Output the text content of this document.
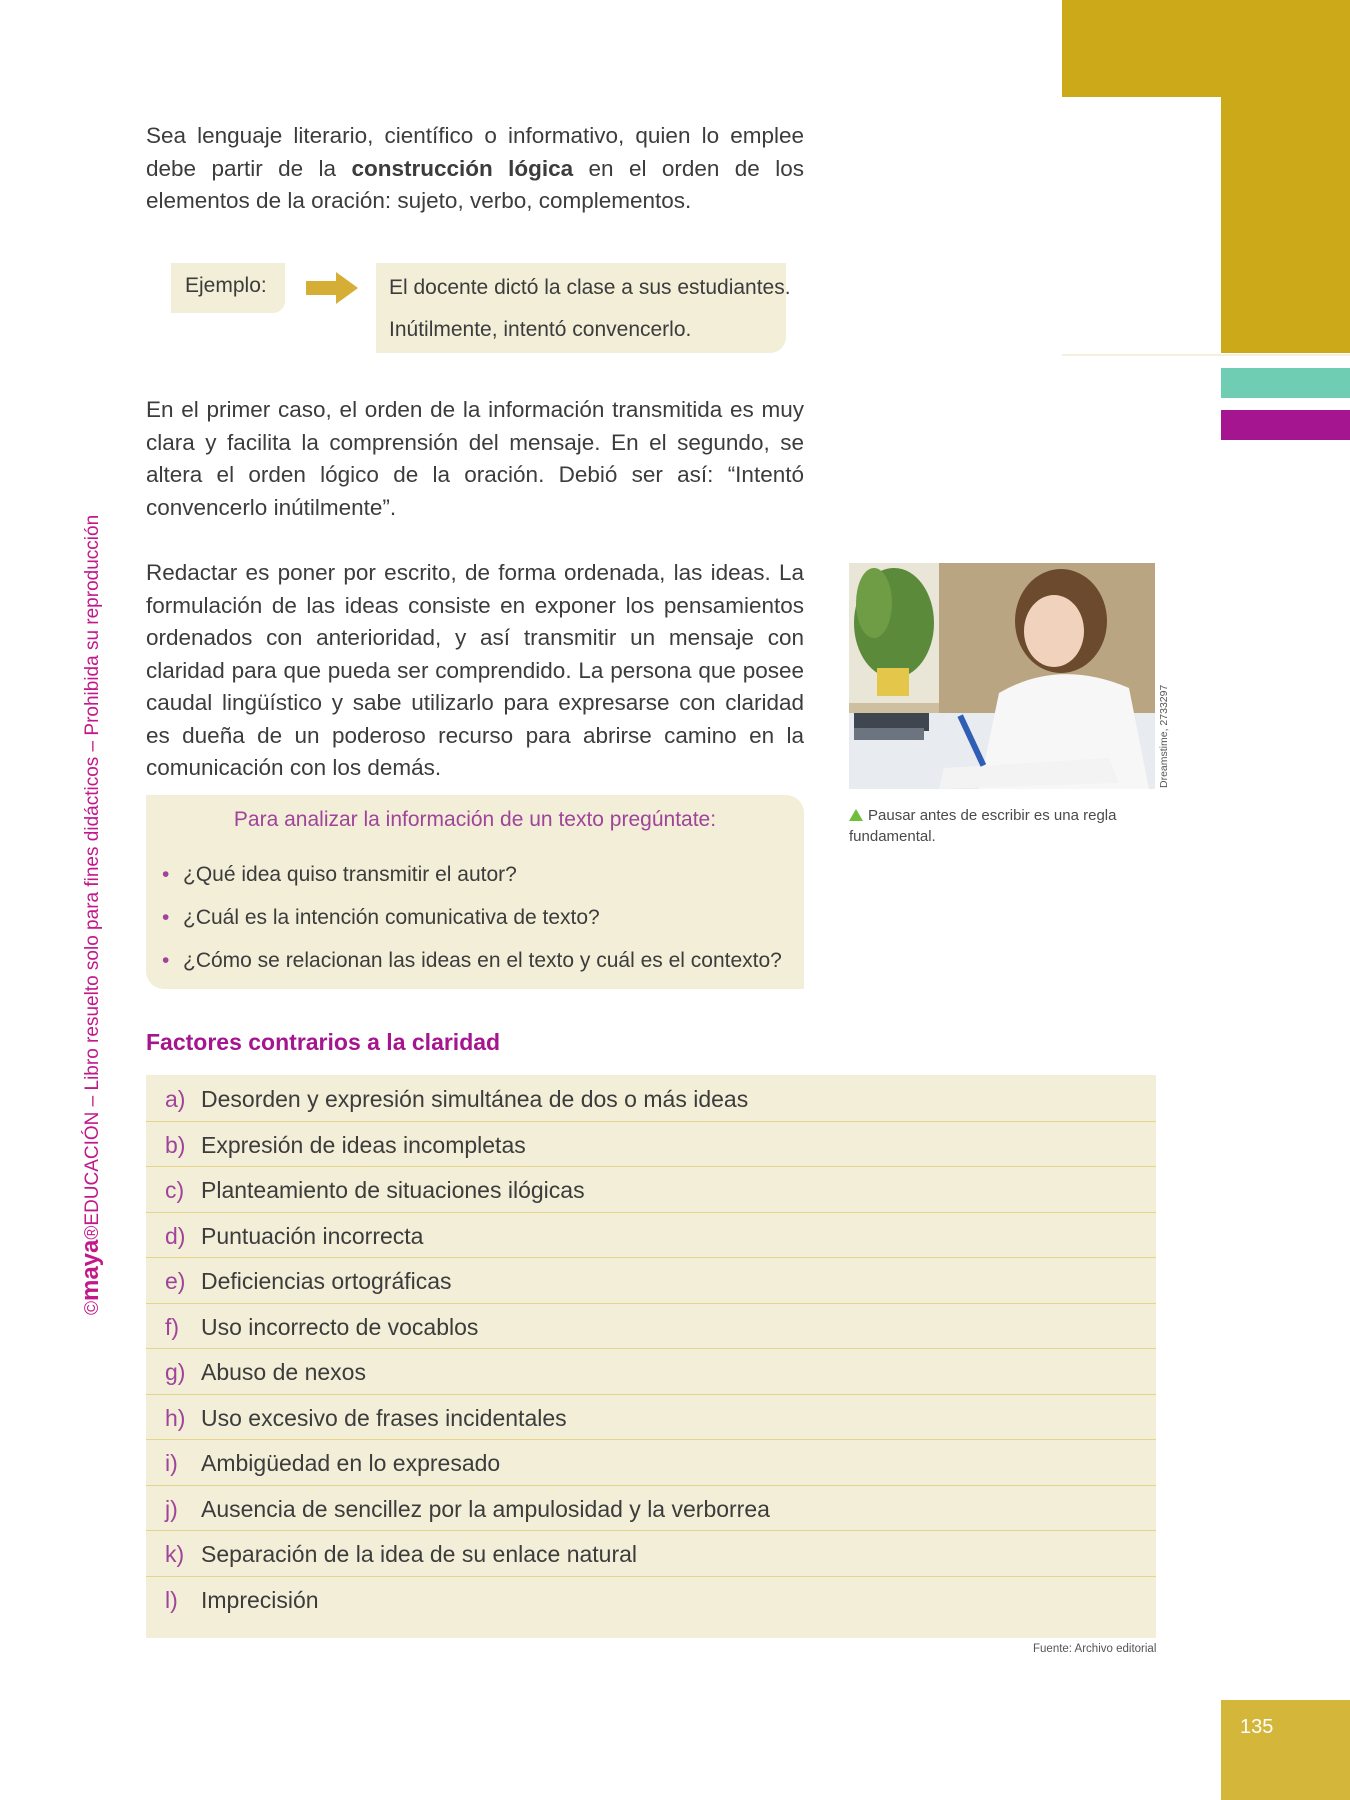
135
©maya®EDUCACIÓN – Libro resuelto solo para fines didácticos – Prohibida su reproducción

Sea lenguaje literario, científico o informativo, quien lo emplee debe partir de la construcción lógica en el orden de los elementos de la oración: sujeto, verbo, complementos.

Ejemplo:	El docente dictó la clase a sus estudiantes.
Inútilmente, intentó convencerlo.

En el primer caso, el orden de la información transmitida es muy clara y facilita la comprensión del mensaje. En el segundo, se altera el orden lógico de la oración. Debió ser así: “Intentó convencerlo inútilmente”.

Redactar es poner por escrito, de forma ordenada, las ideas. La formulación de las ideas consiste en exponer los pensamientos ordenados con anterioridad, y así transmitir un mensaje con claridad para que pueda ser comprendido. La persona que posee caudal lingüístico y sabe utilizarlo para expresarse con claridad es dueña de un poderoso recurso para abrirse camino en la comunicación con los demás.

Para analizar la información de un texto pregúntate:
• ¿Qué idea quiso transmitir el autor?
• ¿Cuál es la intención comunicativa de texto?
• ¿Cómo se relacionan las ideas en el texto y cuál es el contexto?
Dreamstime, 2733297
Pausar antes de escribir es una regla fundamental.
Factores contrarios a la claridad
a) Desorden y expresión simultánea de dos o más ideas
b) Expresión de ideas incompletas
c) Planteamiento de situaciones ilógicas
d) Puntuación incorrecta
e) Deficiencias ortográficas
f) Uso incorrecto de vocablos
g) Abuso de nexos
h) Uso excesivo de frases incidentales
i) Ambigüedad en lo expresado
j) Ausencia de sencillez por la ampulosidad y la verborrea
k) Separación de la idea de su enlace natural
l) Imprecisión
Fuente: Archivo editorial
